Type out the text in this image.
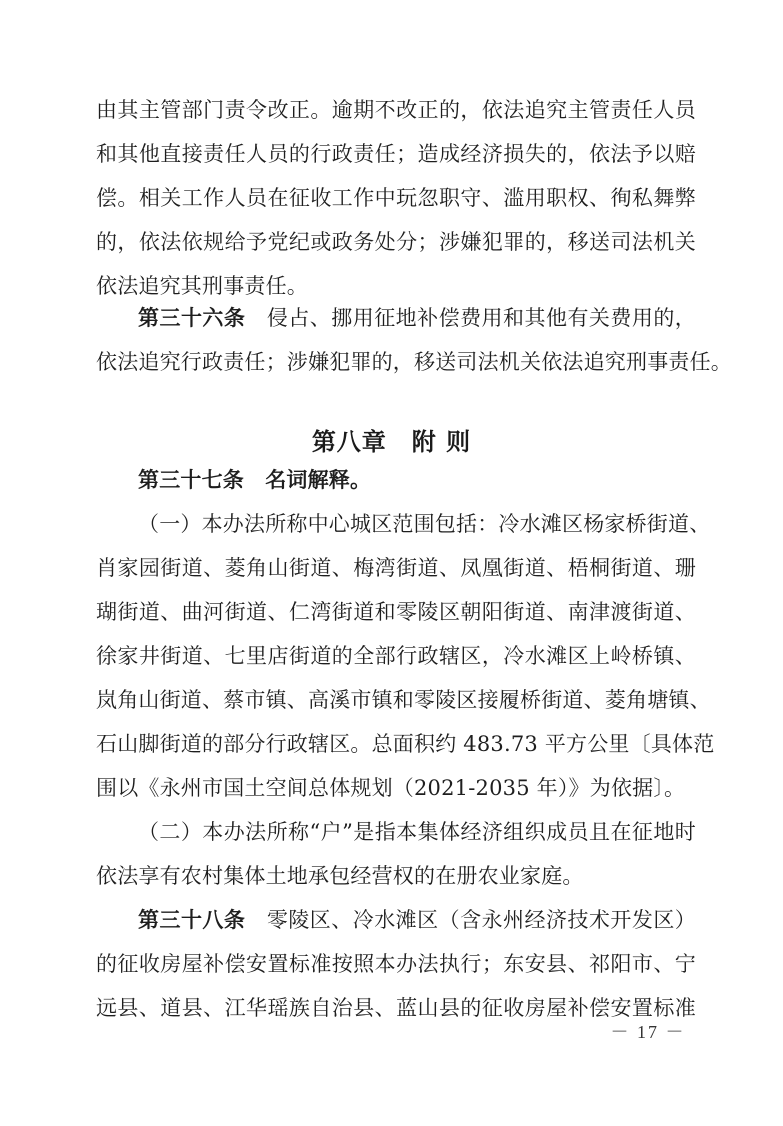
由其主管部门责令改正。逾期不改正的，依法追究主管责任人员
和其他直接责任人员的行政责任；造成经济损失的，依法予以赔
偿。相关工作人员在征收工作中玩忽职守、滥用职权、徇私舞弊
的，依法依规给予党纪或政务处分；涉嫌犯罪的，移送司法机关
依法追究其刑事责任。
第三十六条　 侵占、挪用征地补偿费用和其他有关费用的，
依法追究行政责任；涉嫌犯罪的，移送司法机关依法追究刑事责任。
第八章　附 则
第三十七条　 名词解释。
（一）本办法所称中心城区范围包括：冷水滩区杨家桥街道、
肖家园街道、菱角山街道、梅湾街道、凤凰街道、梧桐街道、珊
瑚街道、曲河街道、仁湾街道和零陵区朝阳街道、南津渡街道、
徐家井街道、七里店街道的全部行政辖区，冷水滩区上岭桥镇、
岚角山街道、蔡市镇、高溪市镇和零陵区接履桥街道、菱角塘镇、
石山脚街道的部分行政辖区。总面积约 483.73 平方公里〔具体范
围以《永州市国土空间总体规划（2021-2035 年）》为依据〕。
（二）本办法所称“户”是指本集体经济组织成员且在征地时
依法享有农村集体土地承包经营权的在册农业家庭。
第三十八条　 零陵区、冷水滩区（含永州经济技术开发区）
的征收房屋补偿安置标准按照本办法执行；东安县、祁阳市、宁
远县、道县、江华瑶族自治县、蓝山县的征收房屋补偿安置标准
－ 17 －
